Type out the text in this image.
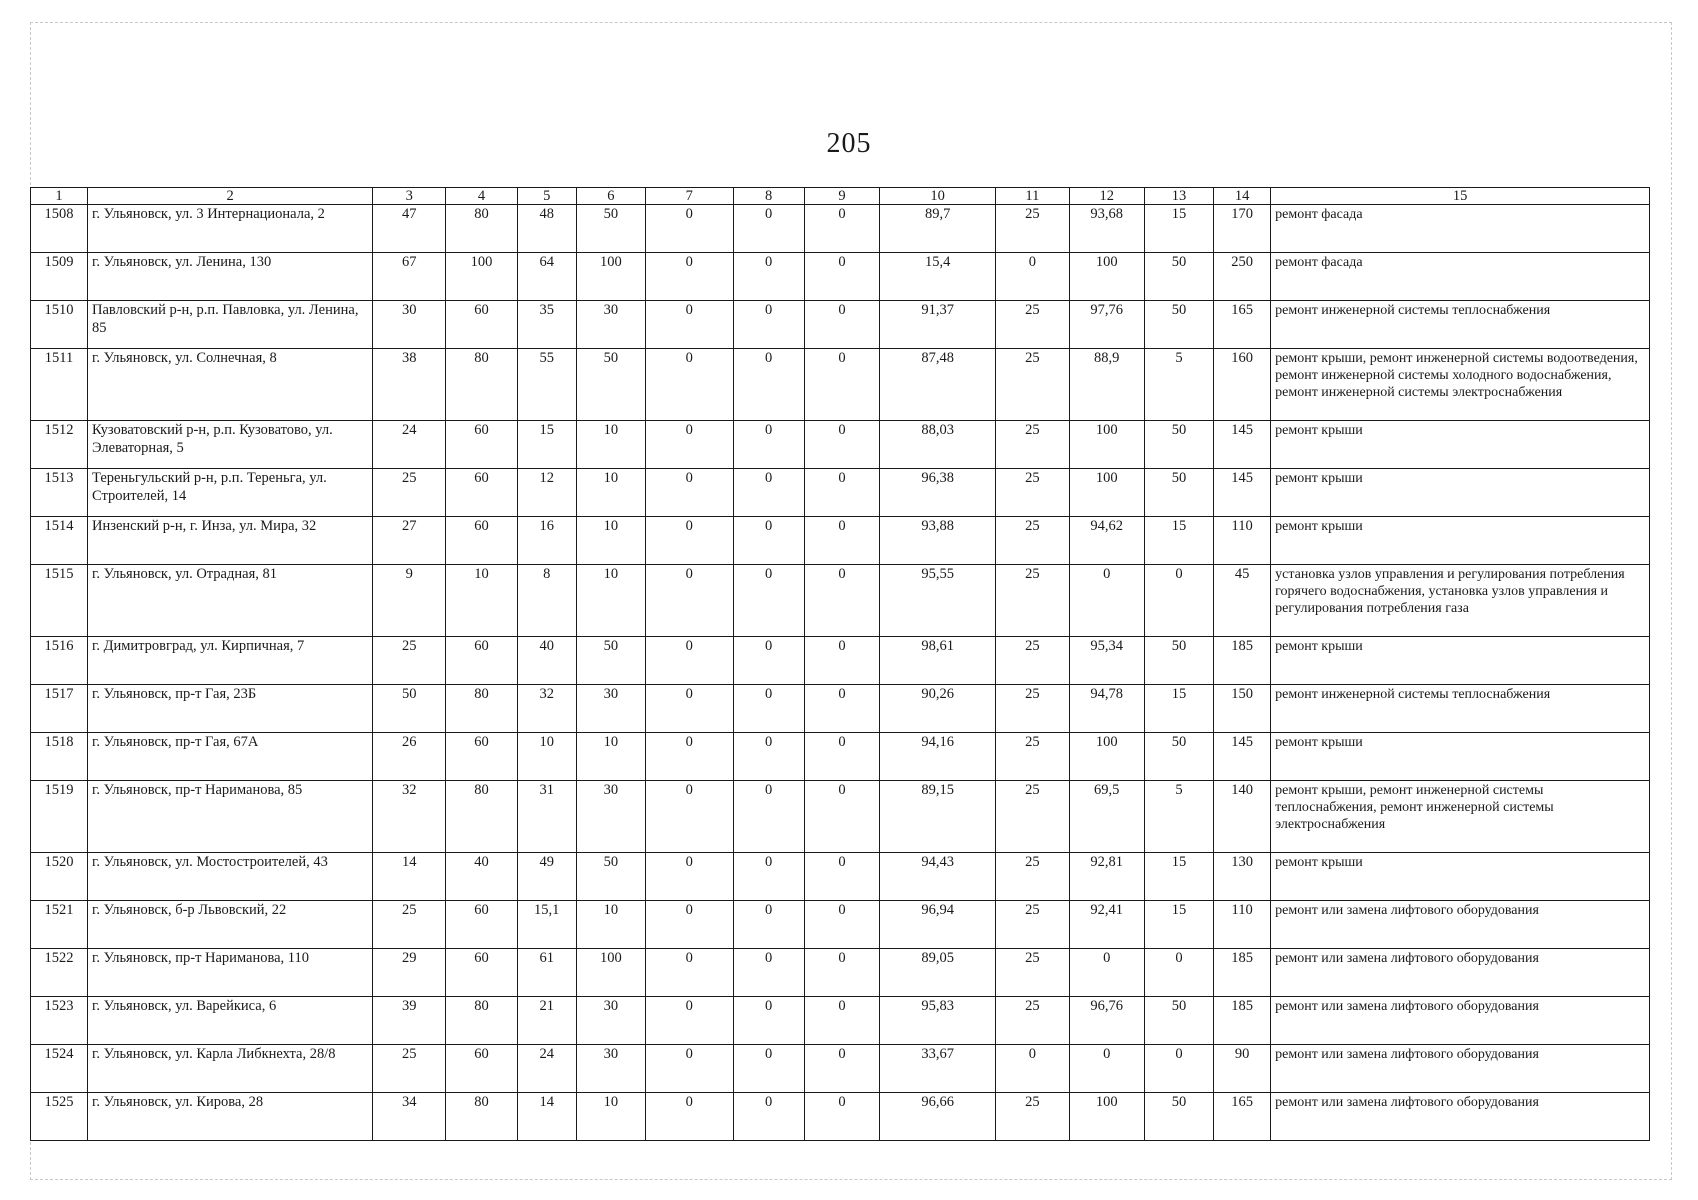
205
1	2	3	4	5	6	7	8	9	10	11	12	13	14	15
1508	г. Ульяновск, ул. 3 Интернационала, 2	47	80	48	50	0	0	0	89,7	25	93,68	15	170	ремонт фасада
1509	г. Ульяновск, ул. Ленина, 130	67	100	64	100	0	0	0	15,4	0	100	50	250	ремонт фасада
1510	Павловский р-н, р.п. Павловка, ул. Ленина, 85	30	60	35	30	0	0	0	91,37	25	97,76	50	165	ремонт инженерной системы теплоснабжения
1511	г. Ульяновск, ул. Солнечная, 8	38	80	55	50	0	0	0	87,48	25	88,9	5	160	ремонт крыши, ремонт инженерной системы водоотведения, ремонт инженерной системы холодного водоснабжения, ремонт инженерной системы электроснабжения
1512	Кузоватовский р-н, р.п. Кузоватово, ул. Элеваторная, 5	24	60	15	10	0	0	0	88,03	25	100	50	145	ремонт крыши
1513	Тереньгульский р-н, р.п. Тереньга, ул. Строителей, 14	25	60	12	10	0	0	0	96,38	25	100	50	145	ремонт крыши
1514	Инзенский р-н, г. Инза, ул. Мира, 32	27	60	16	10	0	0	0	93,88	25	94,62	15	110	ремонт крыши
1515	г. Ульяновск, ул. Отрадная, 81	9	10	8	10	0	0	0	95,55	25	0	0	45	установка узлов управления и регулирования потребления горячего водоснабжения, установка узлов управления и регулирования потребления газа
1516	г. Димитровград, ул. Кирпичная, 7	25	60	40	50	0	0	0	98,61	25	95,34	50	185	ремонт крыши
1517	г. Ульяновск, пр-т Гая, 23Б	50	80	32	30	0	0	0	90,26	25	94,78	15	150	ремонт инженерной системы теплоснабжения
1518	г. Ульяновск, пр-т Гая, 67А	26	60	10	10	0	0	0	94,16	25	100	50	145	ремонт крыши
1519	г. Ульяновск, пр-т Нариманова, 85	32	80	31	30	0	0	0	89,15	25	69,5	5	140	ремонт крыши, ремонт инженерной системы теплоснабжения, ремонт инженерной системы электроснабжения
1520	г. Ульяновск, ул. Мостостроителей, 43	14	40	49	50	0	0	0	94,43	25	92,81	15	130	ремонт крыши
1521	г. Ульяновск, б-р Львовский, 22	25	60	15,1	10	0	0	0	96,94	25	92,41	15	110	ремонт или замена лифтового оборудования
1522	г. Ульяновск, пр-т Нариманова, 110	29	60	61	100	0	0	0	89,05	25	0	0	185	ремонт или замена лифтового оборудования
1523	г. Ульяновск, ул. Варейкиса, 6	39	80	21	30	0	0	0	95,83	25	96,76	50	185	ремонт или замена лифтового оборудования
1524	г. Ульяновск, ул. Карла Либкнехта, 28/8	25	60	24	30	0	0	0	33,67	0	0	0	90	ремонт или замена лифтового оборудования
1525	г. Ульяновск, ул. Кирова, 28	34	80	14	10	0	0	0	96,66	25	100	50	165	ремонт или замена лифтового оборудования
